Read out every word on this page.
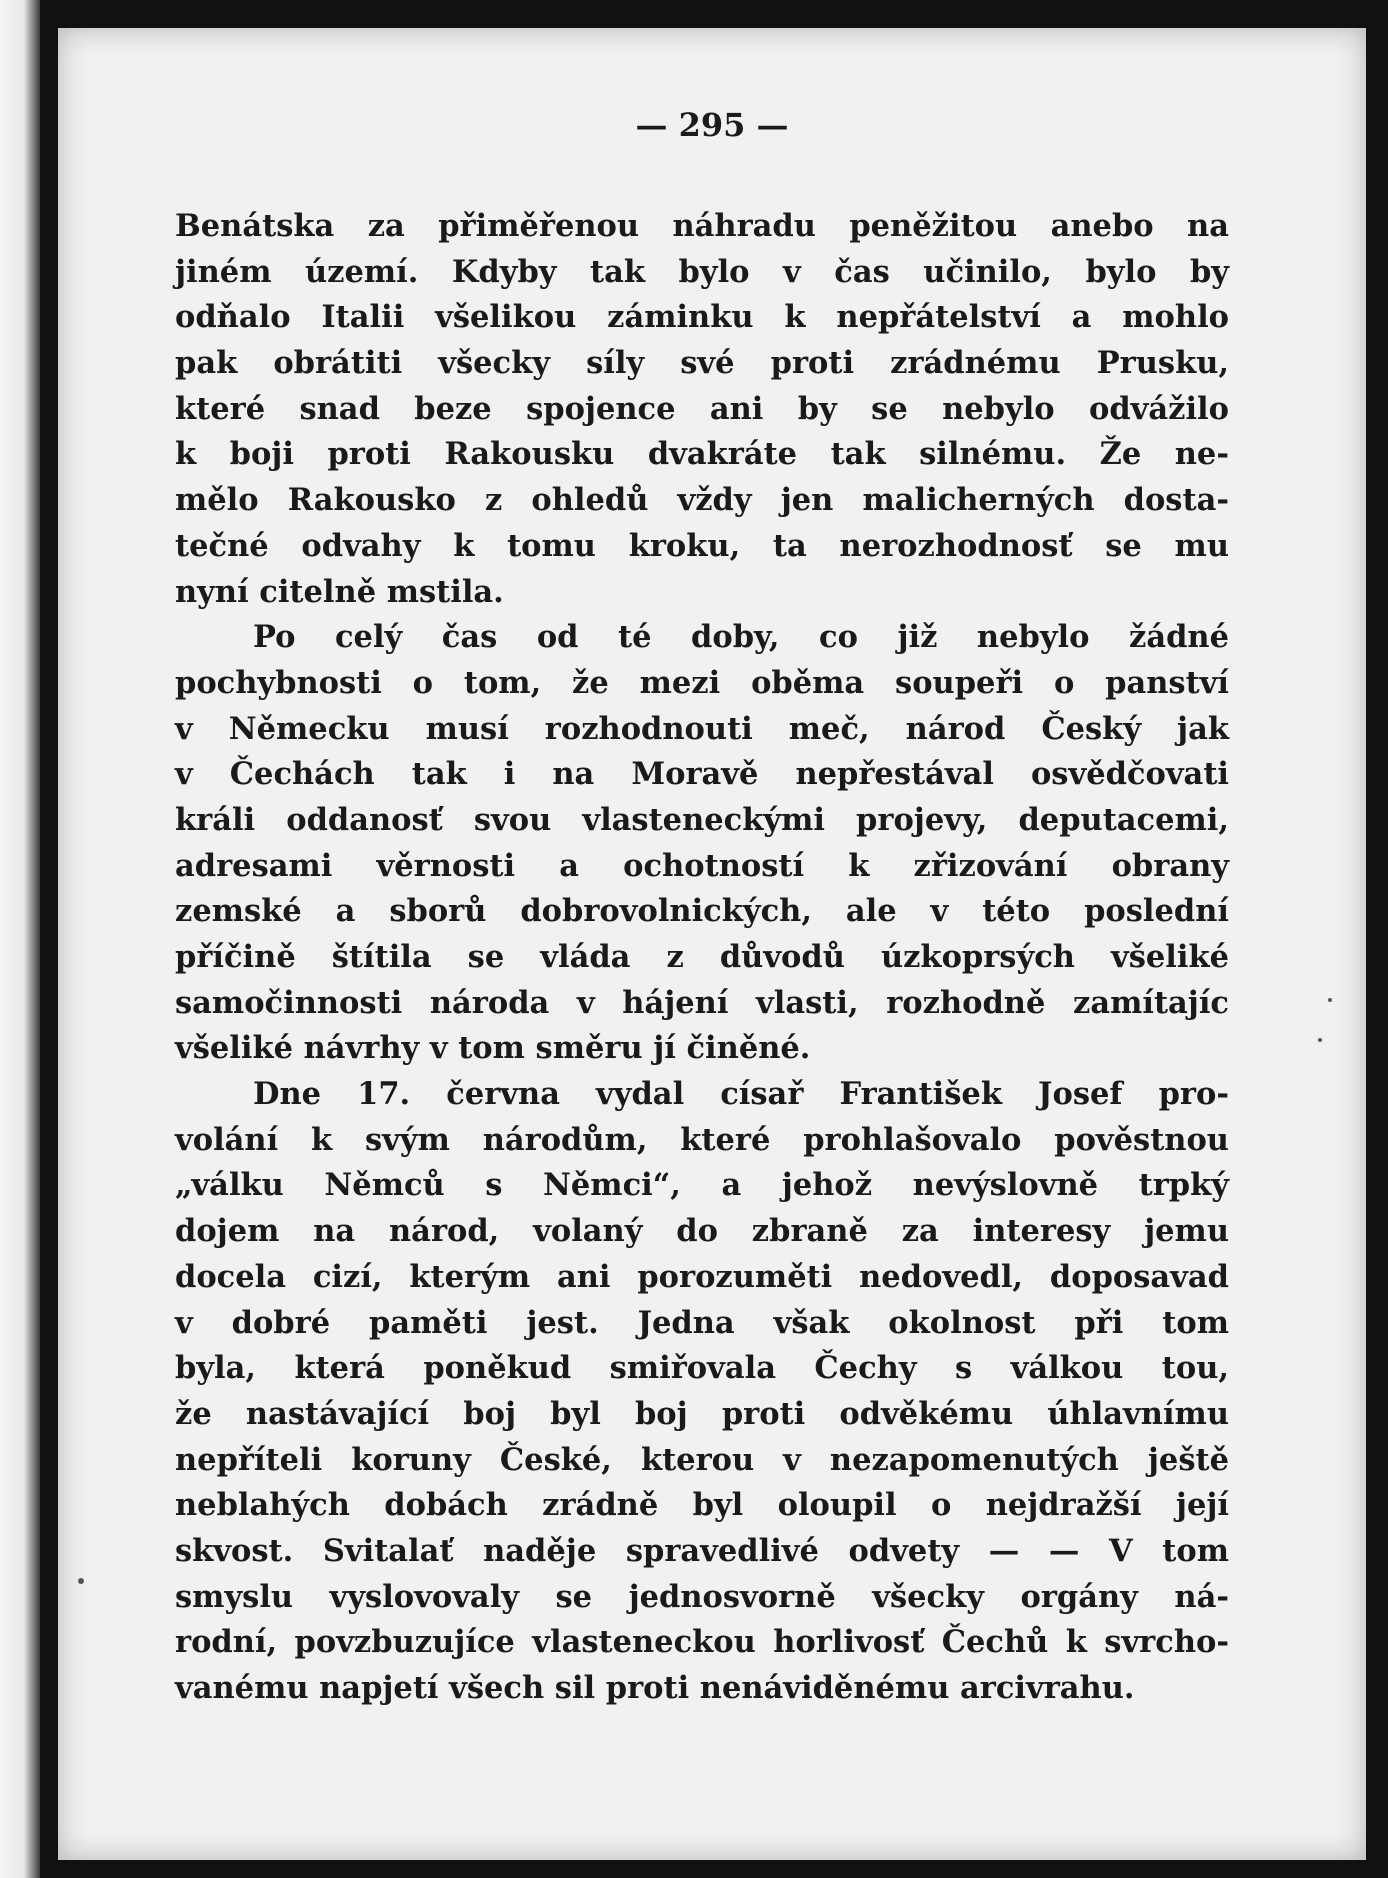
— 295 —

Benátska za přiměřenou náhradu peněžitou anebo na
jiném území. Kdyby tak bylo v čas učinilo, bylo by
odňalo Italii všelikou záminku k nepřátelství a mohlo
pak obrátiti všecky síly své proti zrádnému Prusku,
které snad beze spojence ani by se nebylo odvážilo
k boji proti Rakousku dvakráte tak silnému. Že ne-
mělo Rakousko z ohledů vždy jen malicherných dosta-
tečné odvahy k tomu kroku, ta nerozhodnosť se mu
nyní citelně mstila.
Po celý čas od té doby, co již nebylo žádné
pochybnosti o tom, že mezi oběma soupeři o panství
v Německu musí rozhodnouti meč, národ Český jak
v Čechách tak i na Moravě nepřestával osvědčovati
králi oddanosť svou vlasteneckými projevy, deputacemi,
adresami věrnosti a ochotností k zřizování obrany
zemské a sborů dobrovolnických, ale v této poslední
příčině štítila se vláda z důvodů úzkoprsých všeliké
samočinnosti národa v hájení vlasti, rozhodně zamítajíc
všeliké návrhy v tom směru jí činěné.
Dne 17. června vydal císař František Josef pro-
volání k svým národům, které prohlašovalo pověstnou
„válku Němců s Němci“, a jehož nevýslovně trpký
dojem na národ, volaný do zbraně za interesy jemu
docela cizí, kterým ani porozuměti nedovedl, doposavad
v dobré paměti jest. Jedna však okolnost při tom
byla, která poněkud smiřovala Čechy s válkou tou,
že nastávající boj byl boj proti odvěkému úhlavnímu
nepříteli koruny České, kterou v nezapomenutých ještě
neblahých dobách zrádně byl oloupil o nejdražší její
skvost. Svitalať naděje spravedlivé odvety — — V tom
smyslu vyslovovaly se jednosvorně všecky orgány ná-
rodní, povzbuzujíce vlasteneckou horlivosť Čechů k svrcho-
vanému napjetí všech sil proti nenáviděnému arcivrahu.
